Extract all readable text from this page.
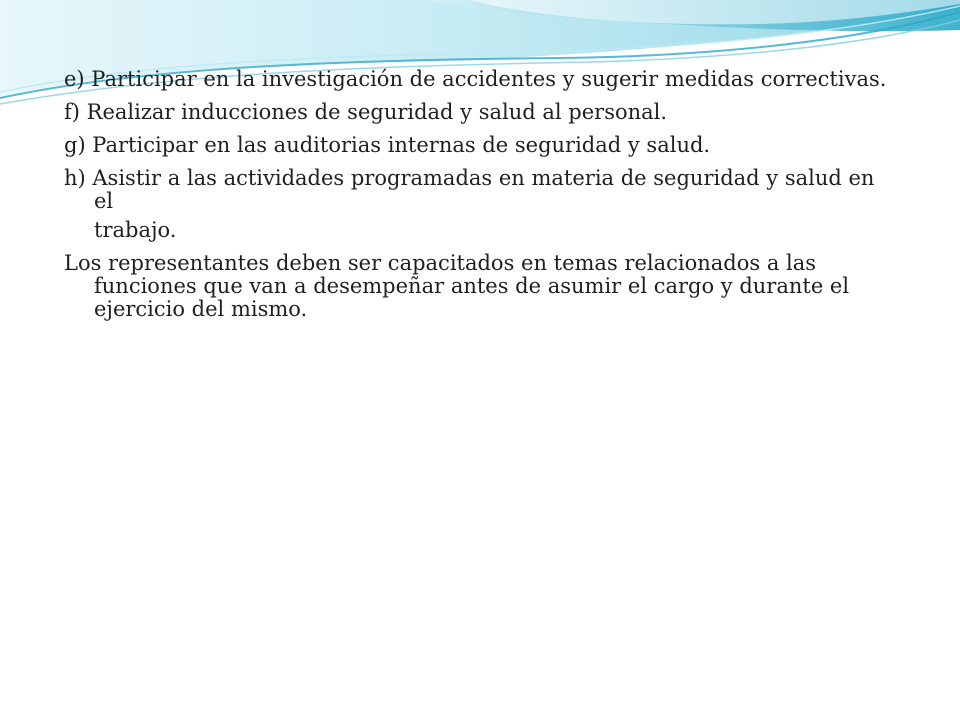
e) Participar en la investigación de accidentes y sugerir medidas correctivas.

f) Realizar inducciones de seguridad y salud al personal.

g) Participar en las auditorias internas de seguridad y salud.

h) Asistir a las actividades programadas en materia de seguridad y salud en el

trabajo.

Los representantes deben ser capacitados en temas relacionados a las funciones que van a desempeñar antes de asumir el cargo y durante el ejercicio del mismo.
